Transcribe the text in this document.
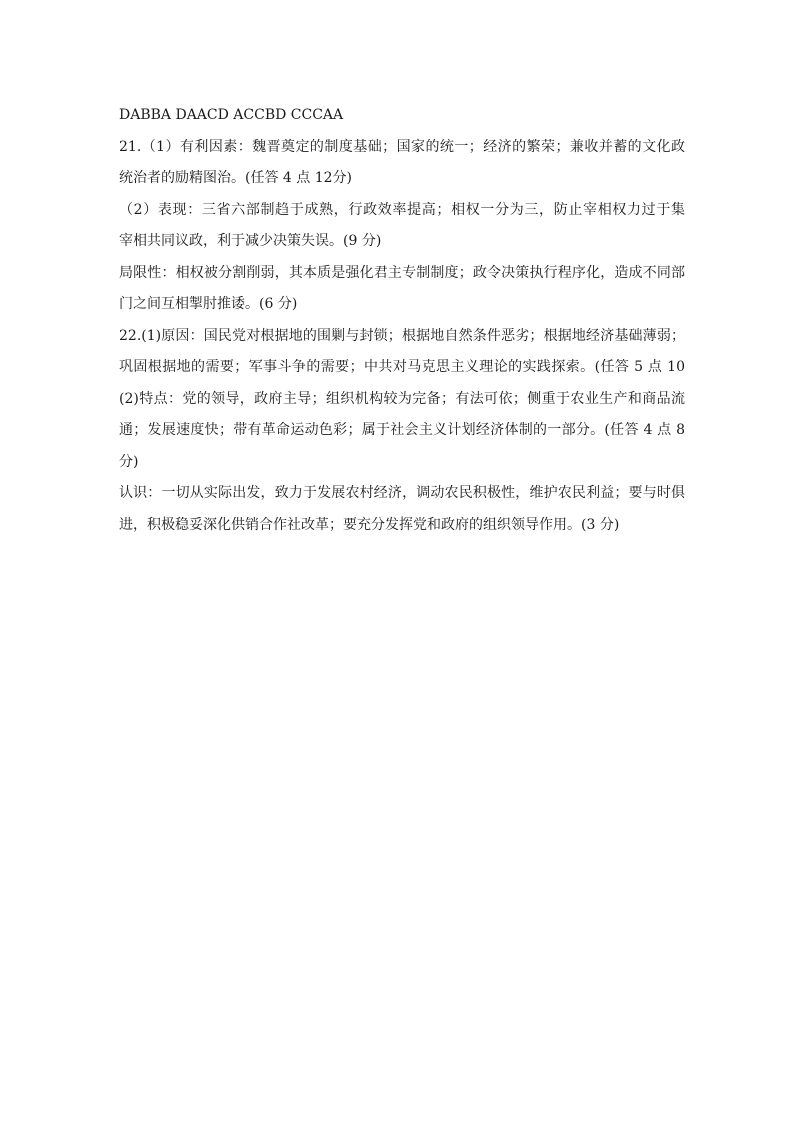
DABBA DAACD ACCBD CCCAA
21.（1）有利因素：魏晋奠定的制度基础；国家的统一；经济的繁荣；兼收并蓄的文化政
统治者的励精图治。(任答 4 点 12分)
（2）表现：三省六部制趋于成熟，行政效率提高；相权一分为三，防止宰相权力过于集
宰相共同议政，利于减少决策失误。(9 分)
局限性：相权被分割削弱，其本质是强化君主专制制度；政令决策执行程序化，造成不同部
门之间互相掣肘推诿。(6 分)
22.(1)原因：国民党对根据地的围剿与封锁；根据地自然条件恶劣；根据地经济基础薄弱；
巩固根据地的需要；军事斗争的需要；中共对马克思主义理论的实践探索。(任答 5 点 10
(2)特点：党的领导，政府主导；组织机构较为完备；有法可依；侧重于农业生产和商品流
通；发展速度快；带有革命运动色彩；属于社会主义计划经济体制的一部分。(任答 4 点 8
分)
认识：一切从实际出发，致力于发展农村经济，调动农民积极性，维护农民利益；要与时俱
进，积极稳妥深化供销合作社改革；要充分发挥党和政府的组织领导作用。(3 分)
